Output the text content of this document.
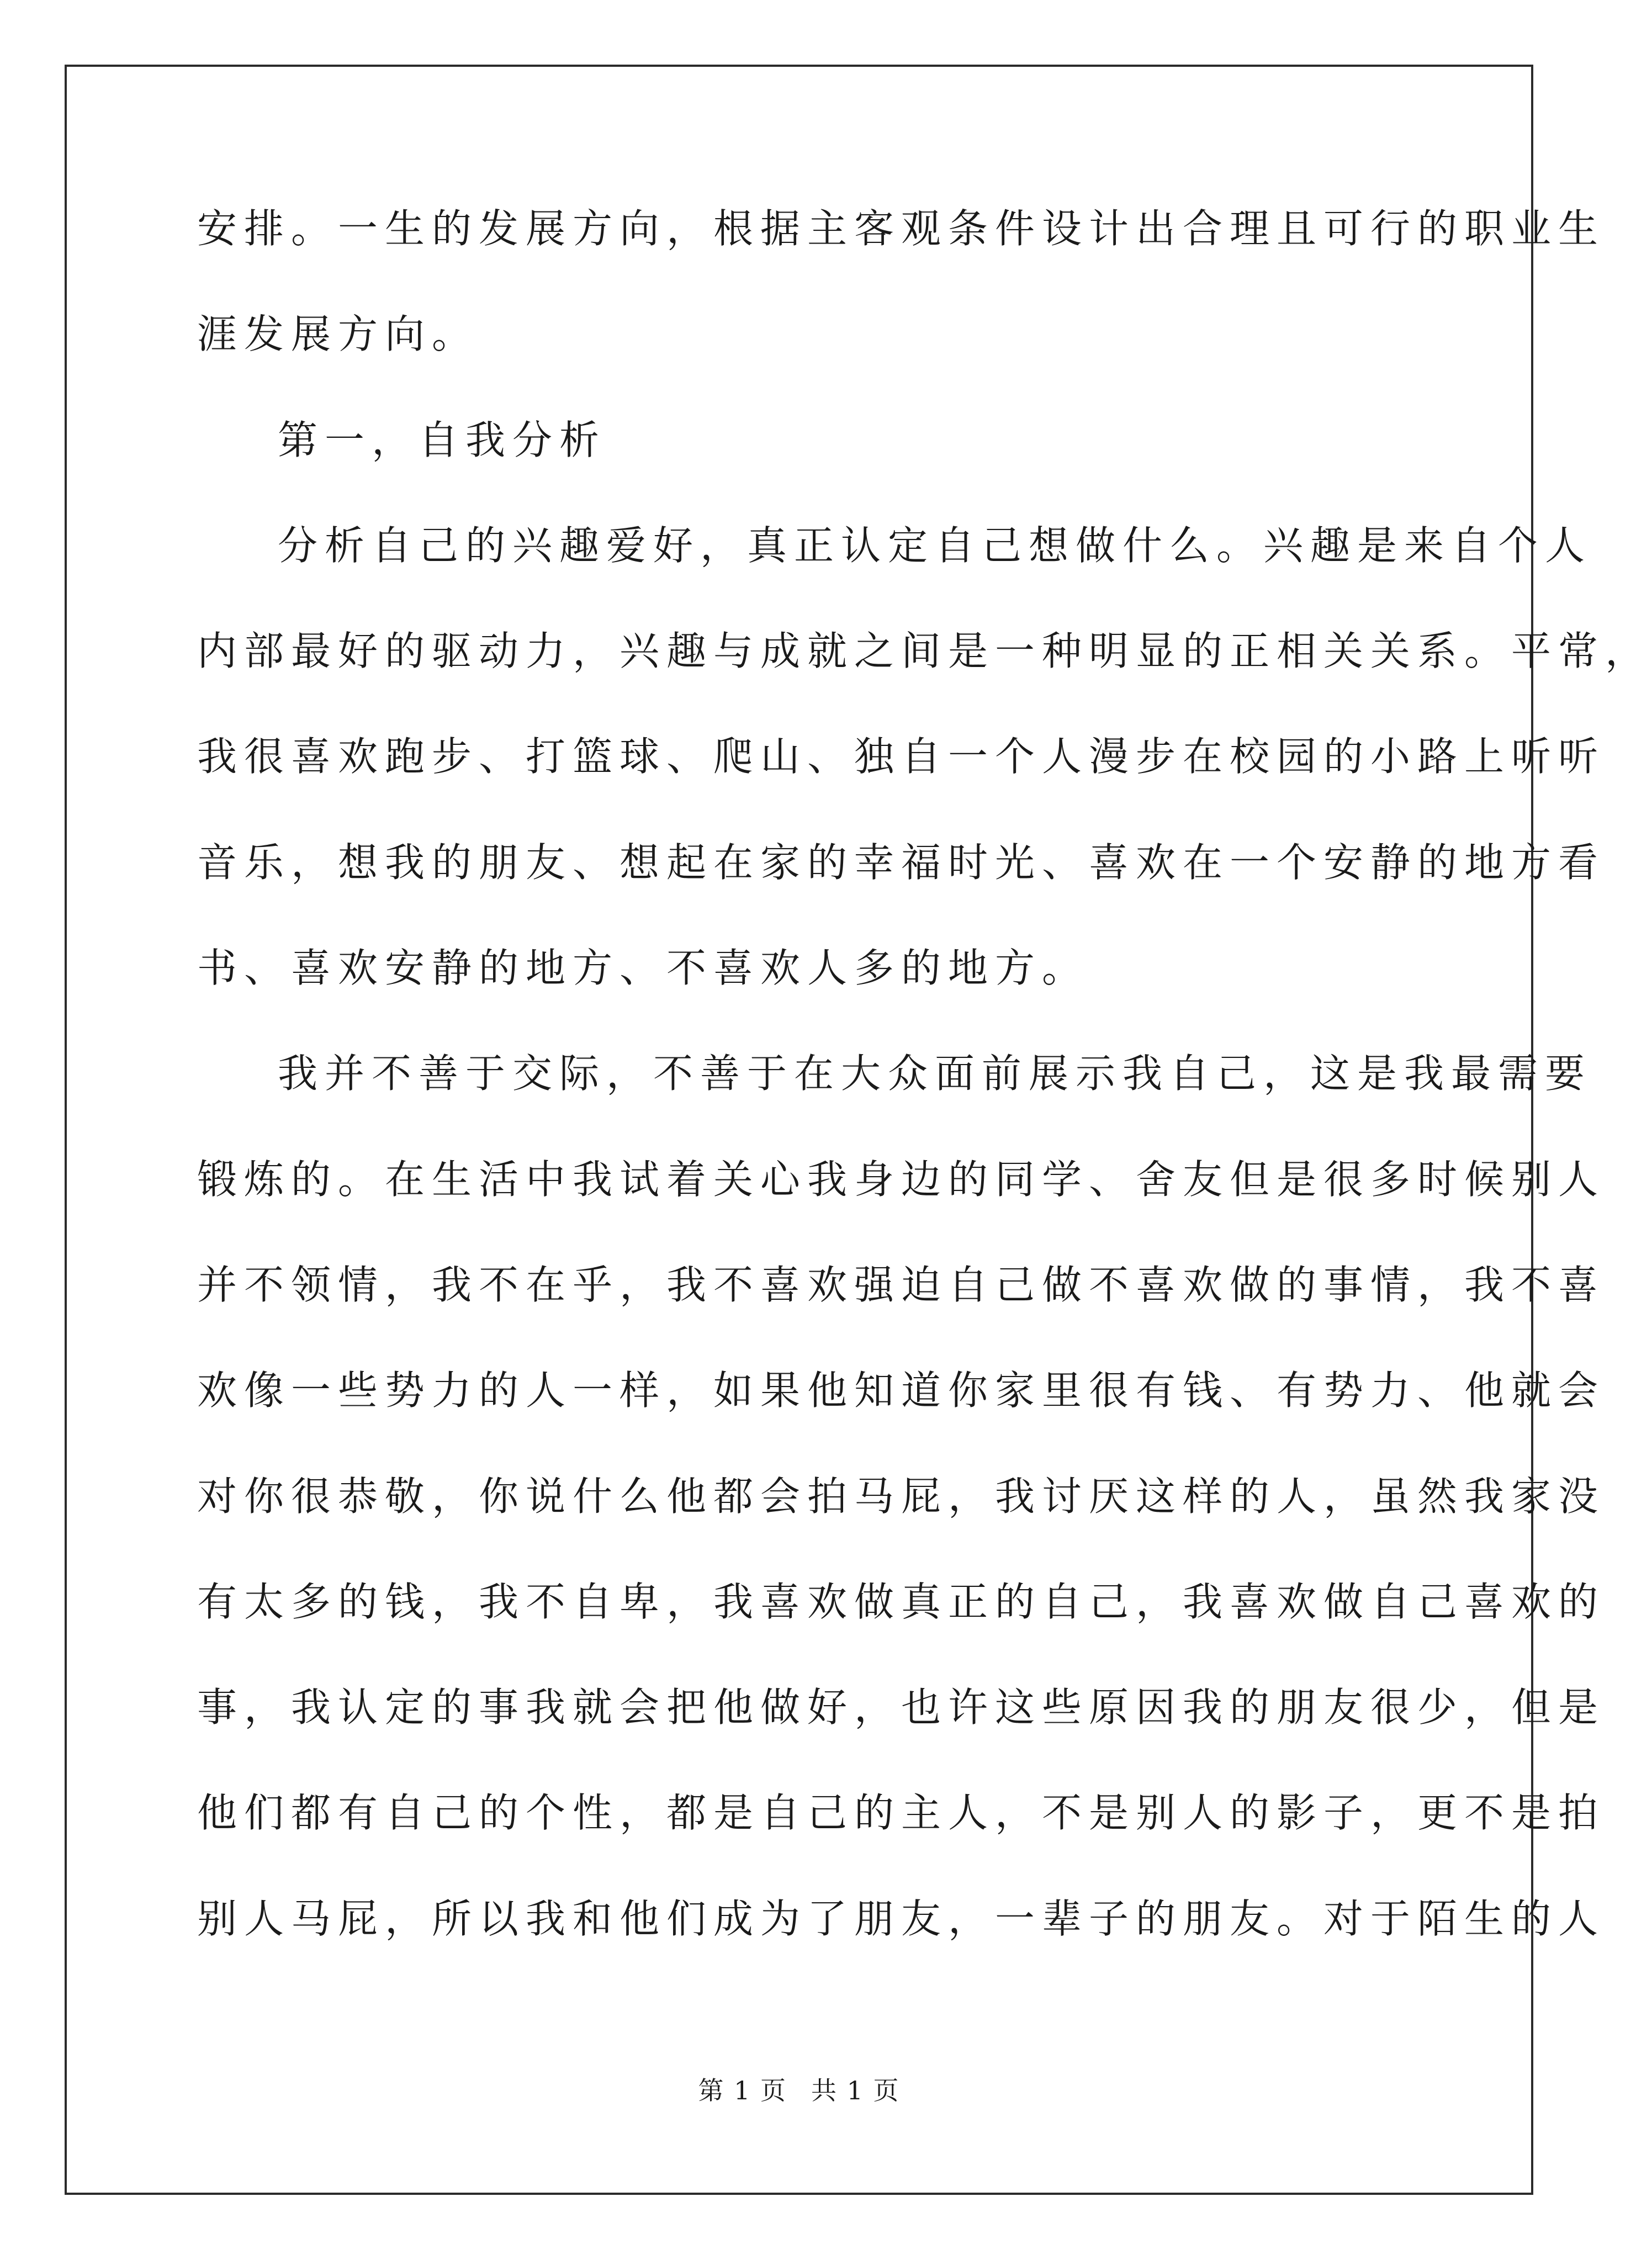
安排。一生的发展方向，根据主客观条件设计出合理且可行的职业生
涯发展方向。
第一，自我分析
分析自己的兴趣爱好，真正认定自己想做什么。兴趣是来自个人
内部最好的驱动力，兴趣与成就之间是一种明显的正相关关系。平常，
我很喜欢跑步、打篮球、爬山、独自一个人漫步在校园的小路上听听
音乐，想我的朋友、想起在家的幸福时光、喜欢在一个安静的地方看
书、喜欢安静的地方、不喜欢人多的地方。
我并不善于交际，不善于在大众面前展示我自己，这是我最需要
锻炼的。在生活中我试着关心我身边的同学、舍友但是很多时候别人
并不领情，我不在乎，我不喜欢强迫自己做不喜欢做的事情，我不喜
欢像一些势力的人一样，如果他知道你家里很有钱、有势力、他就会
对你很恭敬，你说什么他都会拍马屁，我讨厌这样的人，虽然我家没
有太多的钱，我不自卑，我喜欢做真正的自己，我喜欢做自己喜欢的
事，我认定的事我就会把他做好，也许这些原因我的朋友很少，但是
他们都有自己的个性，都是自己的主人，不是别人的影子，更不是拍
别人马屁，所以我和他们成为了朋友，一辈子的朋友。对于陌生的人
第 1 页 共 1 页
